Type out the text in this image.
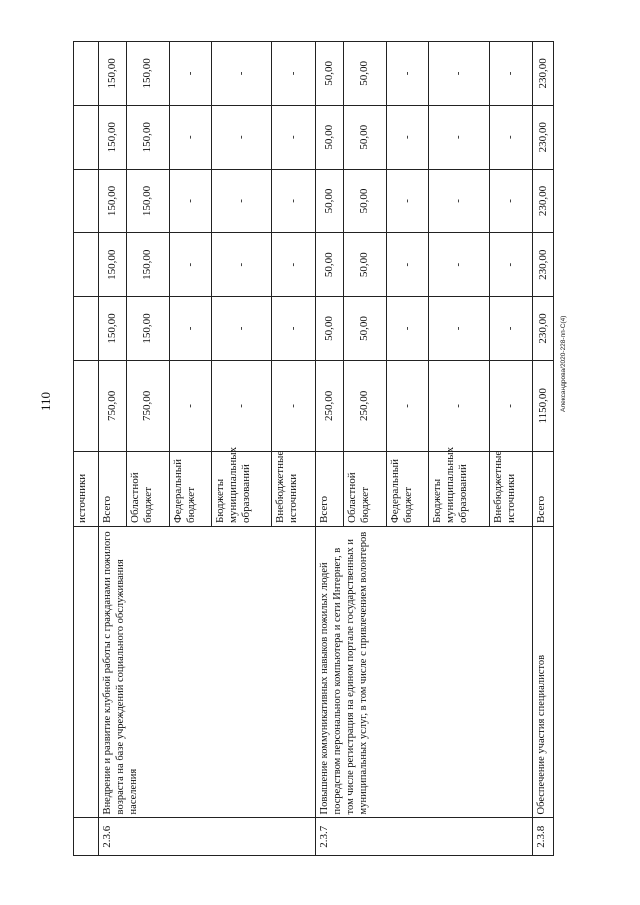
110	Александрова/2020-228-пп-С(4)
		источники						
2.3.6	Внедрение и развитие клубной работы с гражданами пожилого возраста на базе учреждений социального обслуживания населения	Всего	750,00	150,00	150,00	150,00	150,00	150,00
		Областной бюджет	750,00	150,00	150,00	150,00	150,00	150,00
		Федеральный бюджет	-	-	-	-	-	-
		Бюджеты муниципальных образований	-	-	-	-	-	-
		Внебюджетные источники	-	-	-	-	-	-
2.3.7	Повышение коммуникативных навыков пожилых людей посредством персонального компьютера и сети Интернет, в том числе регистрация на едином портале государственных и муниципальных услуг, в том числе с привлечением волонтеров	Всего	250,00	50,00	50,00	50,00	50,00	50,00
		Областной бюджет	250,00	50,00	50,00	50,00	50,00	50,00
		Федеральный бюджет	-	-	-	-	-	-
		Бюджеты муниципальных образований	-	-	-	-	-	-
		Внебюджетные источники	-	-	-	-	-	-
2.3.8	Обеспечение участия специалистов	Всего	1150,00	230,00	230,00	230,00	230,00	230,00
